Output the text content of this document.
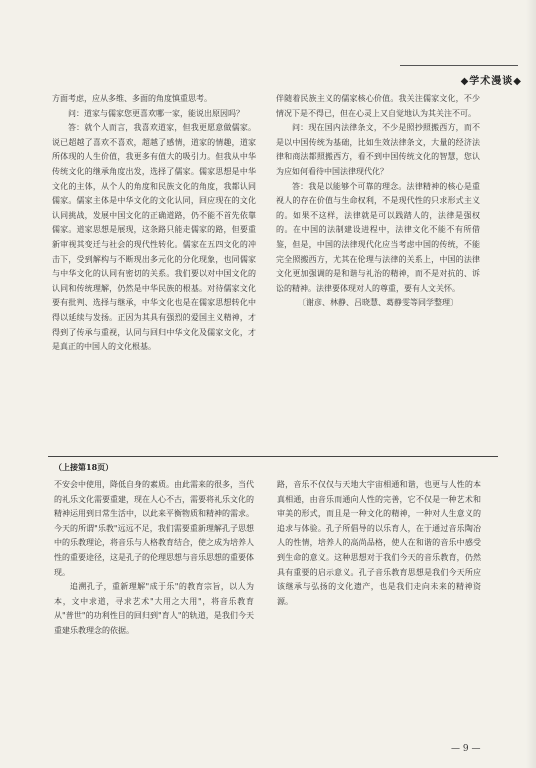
◆学术漫谈◆

方面考虑，应从多维、多面的角度慎重思考。

问：道家与儒家您更喜欢哪一家，能说出原因吗？

答：就个人而言，我喜欢道家，但我更愿意做儒家。说已超越了喜欢不喜欢，超越了感情，道家的情趣，道家所体现的人生价值，我更多有值大的吸引力。但我从中华传统文化的继承角度出发，选择了儒家。儒家思想是中华文化的主体，从个人的角度和民族文化的角度，我都认同儒家。儒家主体是中华文化的文化认同，回应现在的文化认同挑战，发展中国文化的正确道路，仍不能不首先依靠儒家。道家思想是展现，这条路只能走儒家的路，但要重新审视其变迁与社会的现代性转化。儒家在五四文化的冲击下，受到解构与不断现出多元化的分化现象，也同儒家与中华文化的认同有密切的关系。我们要以对中国文化的认同和传统理解，仍然是中华民族的根基。对待儒家文化要有批判、选择与继承，中华文化也是在儒家思想转化中得以延续与发扬。正因为其具有强烈的爱国主义精神，才得到了传承与重视，认同与回归中华文化及儒家文化，才是真正的中国人的文化根基。

伴随着民族主义的儒家核心价值。我关注儒家文化，不少情况下是不得已，但在心灵上又自觉地认为其关注不可。

问：现在国内法律条文，不少是照抄照搬西方，而不是以中国传统为基础，比如生效法律条文，大量的经济法律和商法都照搬西方，看不到中国传统文化的智慧，您认为应如何看待中国法律现代化？

答：我是以能够个可靠的理念。法律精神的核心是重视人的存在价值与生命权利，不是现代性的只求形式主义的。如果不这样，法律就是可以践踏人的，法律是强权的。在中国的法制建设进程中，法律文化不能不有所借鉴，但是，中国的法律现代化应当考虑中国的传统，不能完全照搬西方，尤其在伦理与法律的关系上，中国的法律文化更加强调的是和谐与礼治的精神，而不是对抗的、诉讼的精神。法律要体现对人的尊重，要有人文关怀。

〔谢彦、林静、吕晓慧、葛静雯等同学整理〕

（上接第18页）

不安会中使用，降低自身的素质。由此需来的很多，当代的礼乐文化需要重建，现在人心不古，需要将礼乐文化的精神运用到日常生活中，以此来平衡物质和精神的需求。今天的所谓"乐教"远远不足，我们需要重新理解孔子思想中的乐教理论，将音乐与人格教育结合，使之成为培养人性的重要途径，这是孔子的伦理思想与音乐思想的重要体现。

追溯孔子，重新理解"成于乐"的教育宗旨，以人为本，文中求道，寻求艺术"大用之大用"，将音乐教育从"普世"的功利性目的回归到"育人"的轨道，是我们今天重建乐教理念的依据。

路，音乐不仅仅与天地大宇宙相通和谐，也更与人性的本真相通，由音乐而通向人性的完善，它不仅是一种艺术和审美的形式，而且是一种文化的精神，一种对人生意义的追求与体验。孔子所倡导的以乐育人，在于通过音乐陶冶人的性情，培养人的高尚品格，使人在和谐的音乐中感受到生命的意义。这种思想对于我们今天的音乐教育，仍然具有重要的启示意义。孔子音乐教育思想是我们今天所应该继承与弘扬的文化遗产，也是我们走向未来的精神资源。

— 9 —
